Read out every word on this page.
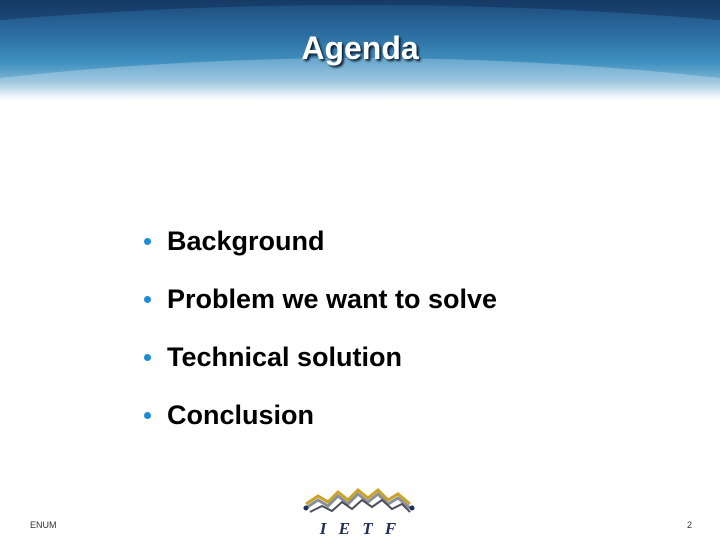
Agenda
Background
Problem we want to solve
Technical solution
Conclusion
ENUM	I E T F	2
